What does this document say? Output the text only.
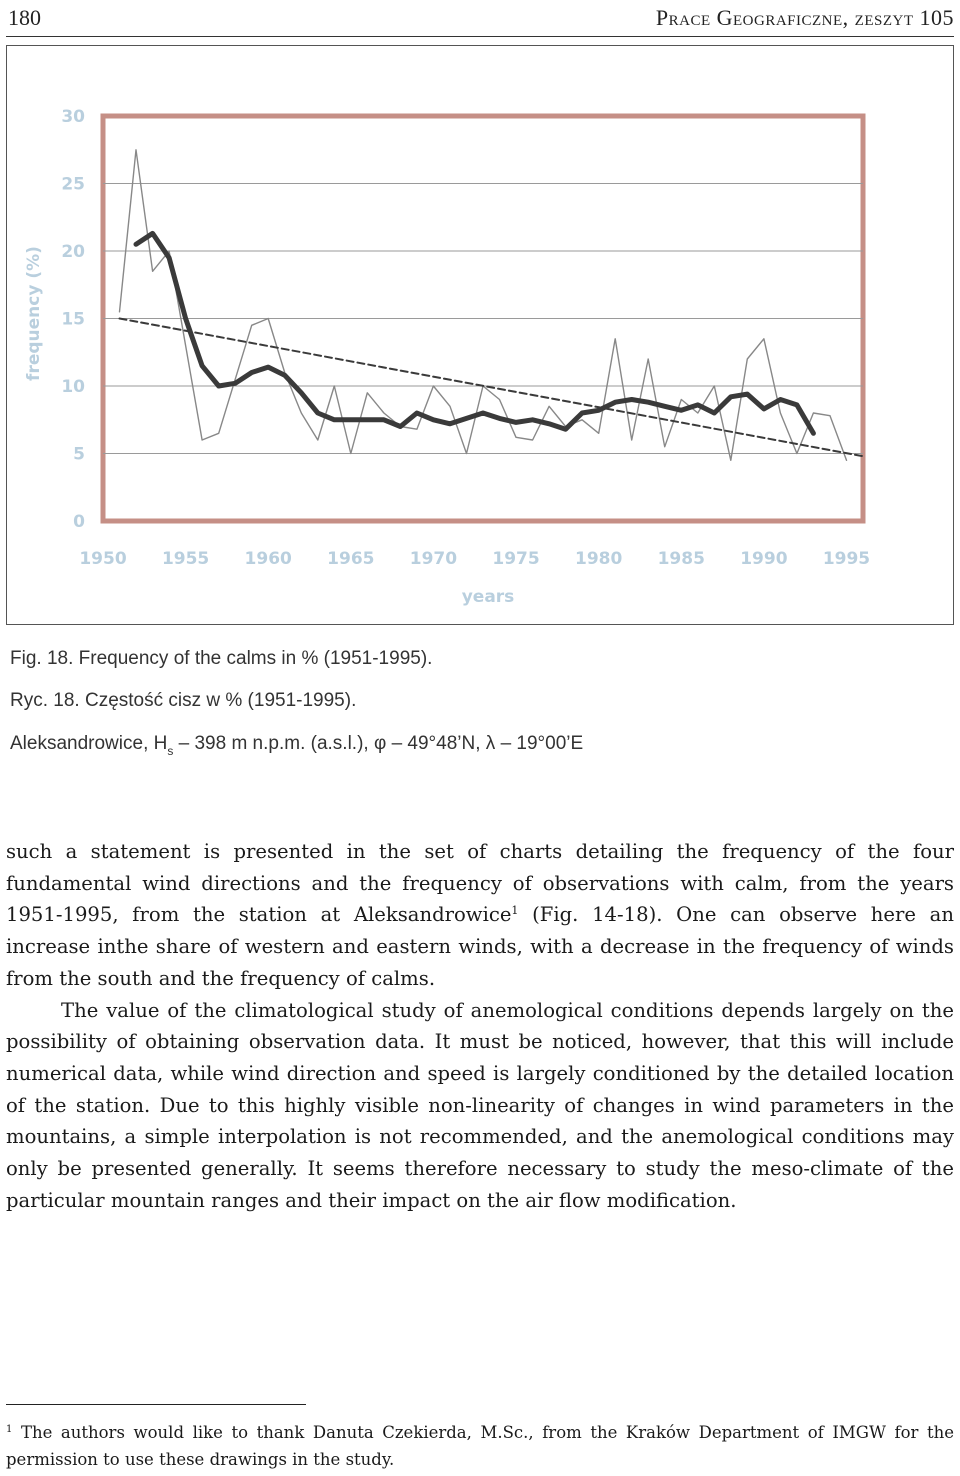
180	Prace Geograficzne, zeszyt 105
0
5
10
15
20
25
30
1950 1955 1960 1965 1970 1975 1980 1985 1990 1995
years
frequency (%)
Fig. 18. Frequency of the calms in % (1951-1995).
Ryc. 18. Częstość cisz w % (1951-1995).
Aleksandrowice, $H_s - 398$ m n.p.m. (a.s.l.), φ – 49°48’N, λ – 19°00’E

such a statement is presented in the set of charts detailing the frequency of the four fundamental wind directions and the frequency of observations with calm, from the years 1951-1995, from the station at Aleksandrowice$^1$ (Fig. 14-18). One can observe here an increase inthe share of western and eastern winds, with a decrease in the frequency of winds from the south and the frequency of calms.

The value of the climatological study of anemological conditions depends largely on the possibility of obtaining observation data. It must be noticed, however, that this will include numerical data, while wind direction and speed is largely conditioned by the detailed location of the station. Due to this highly visible non-linearity of changes in wind parameters in the mountains, a simple interpolation is not recommended, and the anemological conditions may only be presented generally. It seems therefore necessary to study the meso-climate of the particular mountain ranges and their impact on the air flow modification.

$^1$ The authors would like to thank Danuta Czekierda, M.Sc., from the Kraków Department of IMGW for the permission to use these drawings in the study.
